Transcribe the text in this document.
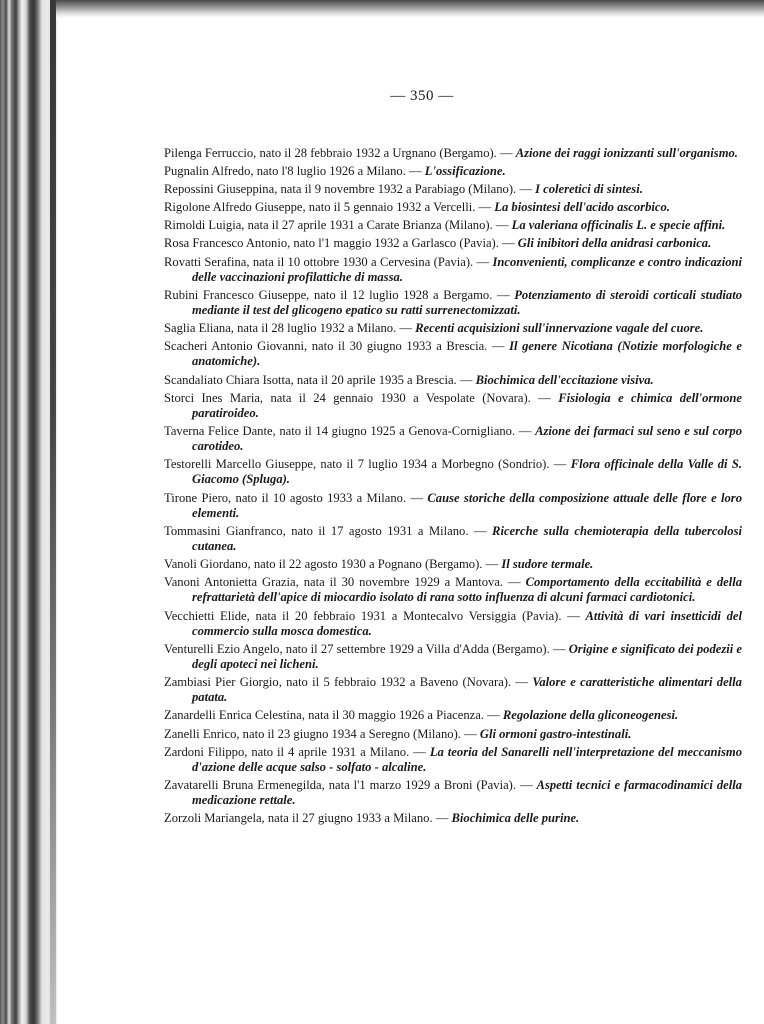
— 350 —

Pilenga Ferruccio, nato il 28 febbraio 1932 a Urgnano (Bergamo). — Azione dei raggi ionizzanti sull'organismo.

Pugnalin Alfredo, nato l'8 luglio 1926 a Milano. — L'ossificazione.

Repossini Giuseppina, nata il 9 novembre 1932 a Parabiago (Milano). — I coleretici di sintesi.

Rigolone Alfredo Giuseppe, nato il 5 gennaio 1932 a Vercelli. — La biosintesi dell'acido ascorbico.

Rimoldi Luigia, nata il 27 aprile 1931 a Carate Brianza (Milano). — La valeriana officinalis L. e specie affini.

Rosa Francesco Antonio, nato l'1 maggio 1932 a Garlasco (Pavia). — Gli inibitori della anidrasi carbonica.

Rovatti Serafina, nata il 10 ottobre 1930 a Cervesina (Pavia). — Inconvenienti, complicanze e contro indicazioni delle vaccinazioni profilattiche di massa.

Rubini Francesco Giuseppe, nato il 12 luglio 1928 a Bergamo. — Potenziamento di steroidi corticali studiato mediante il test del glicogeno epatico su ratti surrenectomizzati.

Saglia Eliana, nata il 28 luglio 1932 a Milano. — Recenti acquisizioni sull'innervazione vagale del cuore.

Scacheri Antonio Giovanni, nato il 30 giugno 1933 a Brescia. — Il genere Nicotiana (Notizie morfologiche e anatomiche).

Scandaliato Chiara Isotta, nata il 20 aprile 1935 a Brescia. — Biochimica dell'eccitazione visiva.

Storci Ines Maria, nata il 24 gennaio 1930 a Vespolate (Novara). — Fisiologia e chimica dell'ormone paratiroideo.

Taverna Felice Dante, nato il 14 giugno 1925 a Genova-Cornigliano. — Azione dei farmaci sul seno e sul corpo carotideo.

Testorelli Marcello Giuseppe, nato il 7 luglio 1934 a Morbegno (Sondrio). — Flora officinale della Valle di S. Giacomo (Spluga).

Tirone Piero, nato il 10 agosto 1933 a Milano. — Cause storiche della composizione attuale delle flore e loro elementi.

Tommasini Gianfranco, nato il 17 agosto 1931 a Milano. — Ricerche sulla chemioterapia della tubercolosi cutanea.

Vanoli Giordano, nato il 22 agosto 1930 a Pognano (Bergamo). — Il sudore termale.

Vanoni Antonietta Grazia, nata il 30 novembre 1929 a Mantova. — Comportamento della eccitabilità e della refrattarietà dell'apice di miocardio isolato di rana sotto influenza di alcuni farmaci cardiotonici.

Vecchietti Elide, nata il 20 febbraio 1931 a Montecalvo Versiggia (Pavia). — Attività di vari insetticidi del commercio sulla mosca domestica.

Venturelli Ezio Angelo, nato il 27 settembre 1929 a Villa d'Adda (Bergamo). — Origine e significato dei podezii e degli apoteci nei licheni.

Zambiasi Pier Giorgio, nato il 5 febbraio 1932 a Baveno (Novara). — Valore e caratteristiche alimentari della patata.

Zanardelli Enrica Celestina, nata il 30 maggio 1926 a Piacenza. — Regolazione della gliconeogenesi.

Zanelli Enrico, nato il 23 giugno 1934 a Seregno (Milano). — Gli ormoni gastro-intestinali.

Zardoni Filippo, nato il 4 aprile 1931 a Milano. — La teoria del Sanarelli nell'interpretazione del meccanismo d'azione delle acque salso - solfato - alcaline.

Zavatarelli Bruna Ermenegilda, nata l'1 marzo 1929 a Broni (Pavia). — Aspetti tecnici e farmacodinamici della medicazione rettale.

Zorzoli Mariangela, nata il 27 giugno 1933 a Milano. — Biochimica delle purine.
